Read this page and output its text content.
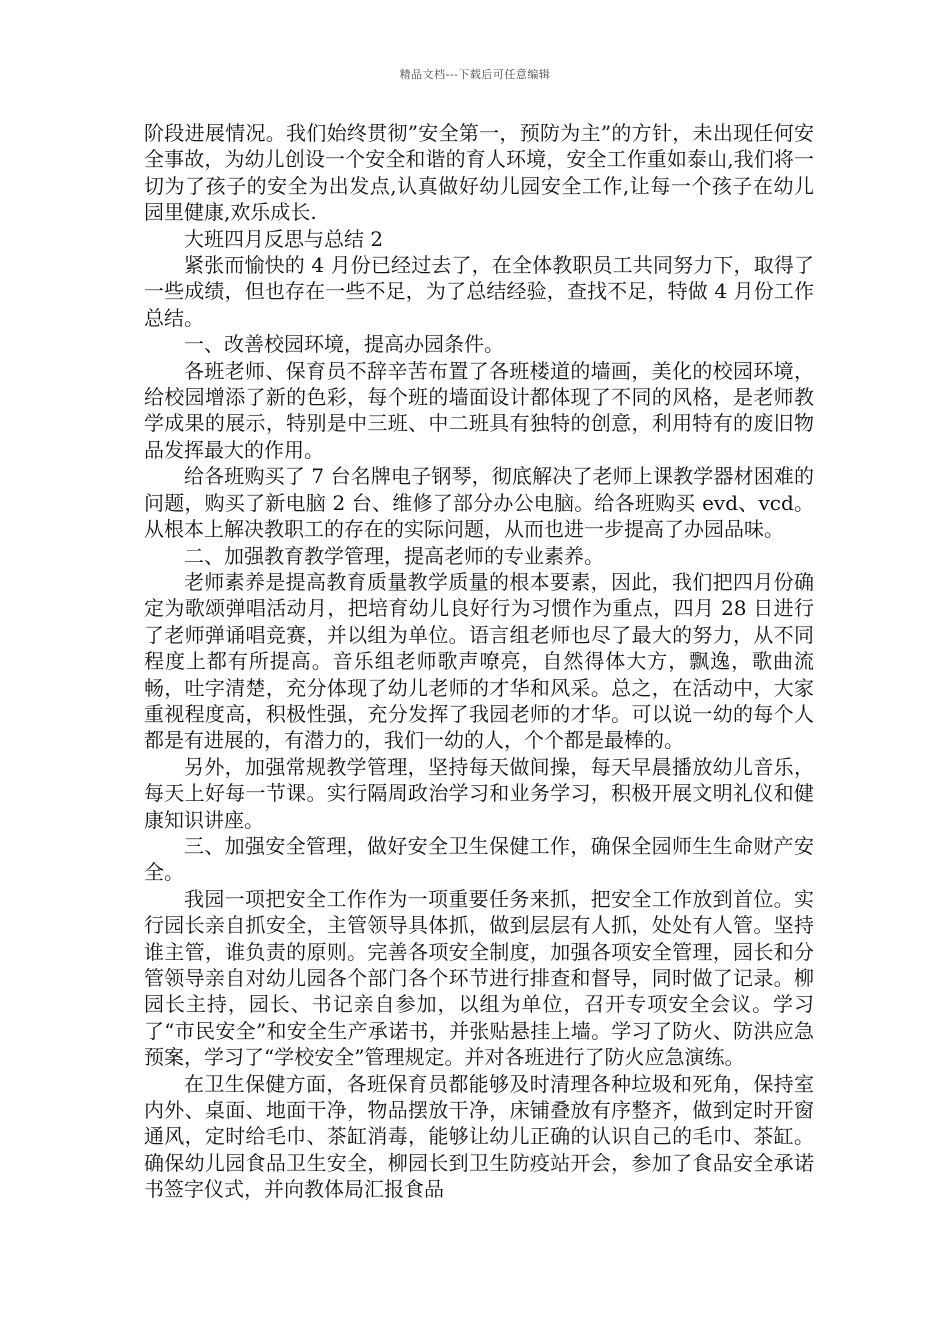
精品文档---下载后可任意编辑

阶段进展情况。我们始终贯彻”安全第一，预防为主”的方针，未出现任何安全事故，为幼儿创设一个安全和谐的育人环境，安全工作重如泰山,我们将一切为了孩子的安全为出发点,认真做好幼儿园安全工作,让每一个孩子在幼儿园里健康,欢乐成长.

大班四月反思与总结 2

紧张而愉快的 4 月份已经过去了，在全体教职员工共同努力下，取得了一些成绩，但也存在一些不足，为了总结经验，查找不足，特做 4 月份工作总结。

一、改善校园环境，提高办园条件。

各班老师、保育员不辞辛苦布置了各班楼道的墙画，美化的校园环境，给校园增添了新的色彩，每个班的墙面设计都体现了不同的风格，是老师教学成果的展示，特别是中三班、中二班具有独特的创意，利用特有的废旧物品发挥最大的作用。

给各班购买了 7 台名牌电子钢琴，彻底解决了老师上课教学器材困难的问题，购买了新电脑 2 台、维修了部分办公电脑。给各班购买 evd、vcd。从根本上解决教职工的存在的实际问题，从而也进一步提高了办园品味。

二、加强教育教学管理，提高老师的专业素养。

老师素养是提高教育质量教学质量的根本要素，因此，我们把四月份确定为歌颂弹唱活动月，把培育幼儿良好行为习惯作为重点，四月 28 日进行了老师弹诵唱竞赛，并以组为单位。语言组老师也尽了最大的努力，从不同程度上都有所提高。音乐组老师歌声嘹亮，自然得体大方，飘逸，歌曲流畅，吐字清楚，充分体现了幼儿老师的才华和风采。总之，在活动中，大家重视程度高，积极性强，充分发挥了我园老师的才华。可以说一幼的每个人都是有进展的，有潜力的，我们一幼的人，个个都是最棒的。

另外，加强常规教学管理，坚持每天做间操，每天早晨播放幼儿音乐，每天上好每一节课。实行隔周政治学习和业务学习，积极开展文明礼仪和健康知识讲座。

三、加强安全管理，做好安全卫生保健工作，确保全园师生生命财产安全。

我园一项把安全工作作为一项重要任务来抓，把安全工作放到首位。实行园长亲自抓安全，主管领导具体抓，做到层层有人抓，处处有人管。坚持谁主管，谁负责的原则。完善各项安全制度，加强各项安全管理，园长和分管领导亲自对幼儿园各个部门各个环节进行排查和督导，同时做了记录。柳园长主持，园长、书记亲自参加，以组为单位，召开专项安全会议。学习了“市民安全”和安全生产承诺书，并张贴悬挂上墙。学习了防火、防洪应急预案，学习了“学校安全”管理规定。并对各班进行了防火应急演练。

在卫生保健方面，各班保育员都能够及时清理各种垃圾和死角，保持室内外、桌面、地面干净，物品摆放干净，床铺叠放有序整齐，做到定时开窗通风，定时给毛巾、茶缸消毒，能够让幼儿正确的认识自己的毛巾、茶缸。确保幼儿园食品卫生安全，柳园长到卫生防疫站开会，参加了食品安全承诺书签字仪式，并向教体局汇报食品
